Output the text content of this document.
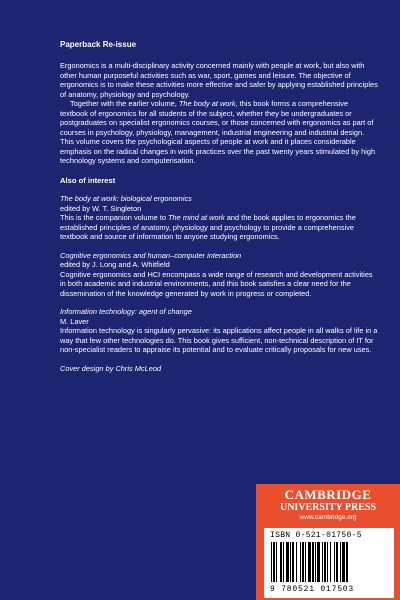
Paperback Re-issue

Ergonomics is a multi-disciplinary activity concerned mainly with people at work, but also with other human purposeful activities such as war, sport, games and leisure. The objective of ergonomics is to make these activities more effective and safer by applying established principles of anatomy, physiology and psychology.

Together with the earlier volume, The body at work, this book forms a comprehensive textbook of ergonomics for all students of the subject, whether they be undergraduates or postgraduates on specialist ergonomics courses, or those concerned with ergonomics as part of courses in psychology, physiology, management, industrial engineering and industrial design. This volume covers the psychological aspects of people at work and it places considerable emphasis on the radical changes in work practices over the past twenty years stimulated by high technology systems and computerisation.

Also of interest

The body at work: biological ergonomics
edited by W. T. Singleton
This is the companion volume to The mind at work and the book applies to ergonomics the established principles of anatomy, physiology and psychology to provide a comprehensive textbook and source of information to anyone studying ergonomics.
Cognitive ergonomics and human–computer interaction
edited by J. Long and A. Whitfield
Cognitive ergonomics and HCI encompass a wide range of research and development activities in both academic and industrial environments, and this book satisfies a clear need for the dissemination of the knowledge generated by work in progress or completed.
Information technology: agent of change
M. Laver
Information technology is singularly pervasive: its applications affect people in all walks of life in a way that few other technologies do. This book gives sufficient, non-technical description of IT for non-specialist readers to appraise its potential and to evaluate critically proposals for new uses.
Cover design by Chris McLeod
CAMBRIDGE
UNIVERSITY PRESS
www.cambridge.org
ISBN 0-521-01750-5
9 780521 017503
